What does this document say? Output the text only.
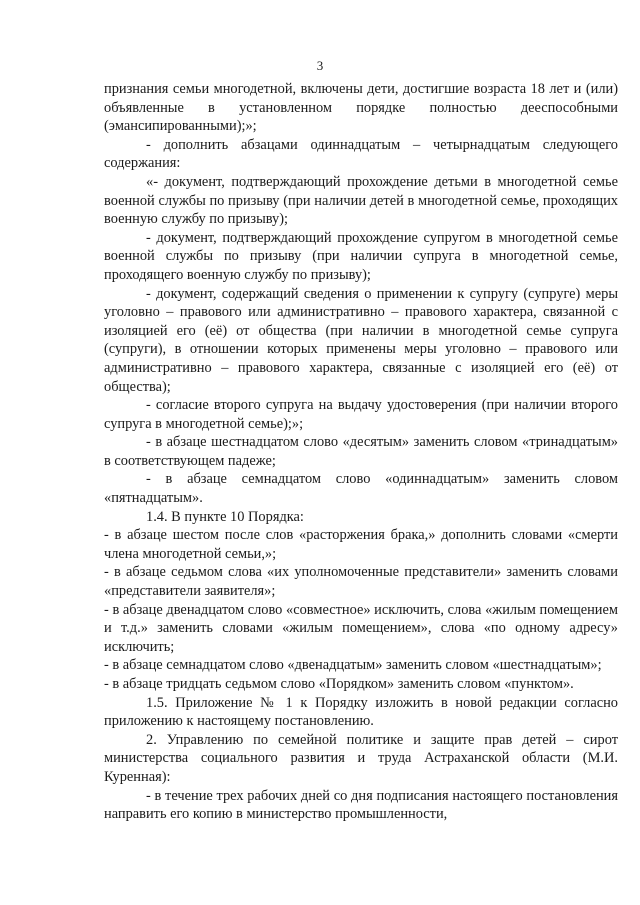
3

признания семьи многодетной, включены дети, достигшие возраста 18 лет и (или) объявленные в установленном порядке полностью дееспособными (эмансипированными);»;

- дополнить абзацами одиннадцатым – четырнадцатым следующего содержания:

«- документ, подтверждающий прохождение детьми в многодетной семье военной службы по призыву (при наличии детей в многодетной семье, проходящих военную службу по призыву);

- документ, подтверждающий прохождение супругом в многодетной семье военной службы по призыву (при наличии супруга в многодетной семье, проходящего военную службу по призыву);

- документ, содержащий сведения о применении к супругу (супруге) меры уголовно – правового или административно – правового характера, связанной с изоляцией его (её) от общества (при наличии в многодетной семье супруга (супруги), в отношении которых применены меры уголовно – правового или административно – правового характера, связанные с изоляцией его (её) от общества);

- согласие второго супруга на выдачу удостоверения (при наличии второго супруга в многодетной семье);»;

- в абзаце шестнадцатом слово «десятым» заменить словом «тринадцатым» в соответствующем падеже;

- в абзаце семнадцатом слово «одиннадцатым» заменить словом «пятнадцатым».

1.4. В пункте 10 Порядка:

- в абзаце шестом после слов «расторжения брака,» дополнить словами «смерти члена многодетной семьи,»;

- в абзаце седьмом слова «их уполномоченные представители» заменить словами «представители заявителя»;

- в абзаце двенадцатом слово «совместное» исключить, слова «жилым помещением и т.д.» заменить словами «жилым помещением», слова «по одному адресу» исключить;

- в абзаце семнадцатом слово «двенадцатым» заменить словом «шестнадцатым»;

- в абзаце тридцать седьмом слово «Порядком» заменить словом «пунктом».

1.5. Приложение № 1 к Порядку изложить в новой редакции согласно приложению к настоящему постановлению.

2. Управлению по семейной политике и защите прав детей – сирот министерства социального развития и труда Астраханской области (М.И. Куренная):

- в течение трех рабочих дней со дня подписания настоящего постановления направить его копию в министерство промышленности,
